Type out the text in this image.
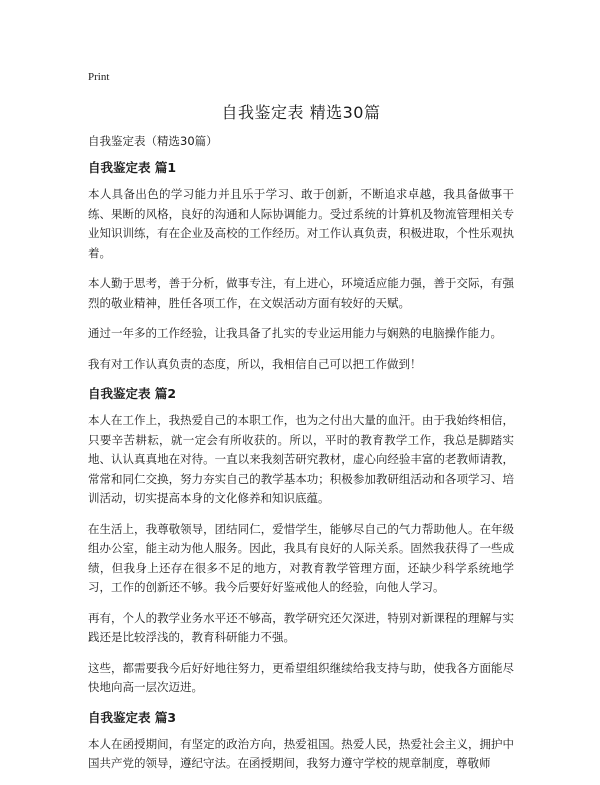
Print
自我鉴定表 精选30篇

自我鉴定表（精选30篇）

自我鉴定表 篇1

本人具备出色的学习能力并且乐于学习、敢于创新，不断追求卓越，我具备做事干练、果断的风格，良好的沟通和人际协调能力。受过系统的计算机及物流管理相关专业知识训练，有在企业及高校的工作经历。对工作认真负责，积极进取，个性乐观执着。

本人勤于思考，善于分析，做事专注，有上进心，环境适应能力强，善于交际，有强烈的敬业精神，胜任各项工作，在文娱活动方面有较好的天赋。

通过一年多的工作经验，让我具备了扎实的专业运用能力与娴熟的电脑操作能力。

我有对工作认真负责的态度，所以，我相信自己可以把工作做到！

自我鉴定表 篇2

本人在工作上，我热爱自己的本职工作，也为之付出大量的血汗。由于我始终相信，只要辛苦耕耘，就一定会有所收获的。所以，平时的教育教学工作，我总是脚踏实地、认认真真地在对待。一直以来我刻苦研究教材，虚心向经验丰富的老教师请教，常常和同仁交换，努力夯实自己的教学基本功；积极参加教研组活动和各项学习、培训活动，切实提高本身的文化修养和知识底蕴。

在生活上，我尊敬领导，团结同仁，爱惜学生，能够尽自己的气力帮助他人。在年级组办公室，能主动为他人服务。因此，我具有良好的人际关系。固然我获得了一些成绩，但我身上还存在很多不足的地方，对教育教学管理方面，还缺少科学系统地学习，工作的创新还不够。我今后要好好鉴戒他人的经验，向他人学习。

再有，个人的教学业务水平还不够高，教学研究还欠深进，特别对新课程的理解与实践还是比较浮浅的，教育科研能力不强。

这些，都需要我今后好好地往努力，更希望组织继续给我支持与助，使我各方面能尽快地向高一层次迈进。

自我鉴定表 篇3

本人在函授期间，有坚定的政治方向，热爱祖国。热爱人民，热爱社会主义，拥护中国共产党的领导，遵纪守法。在函授期间，我努力遵守学校的规章制度，尊敬师
